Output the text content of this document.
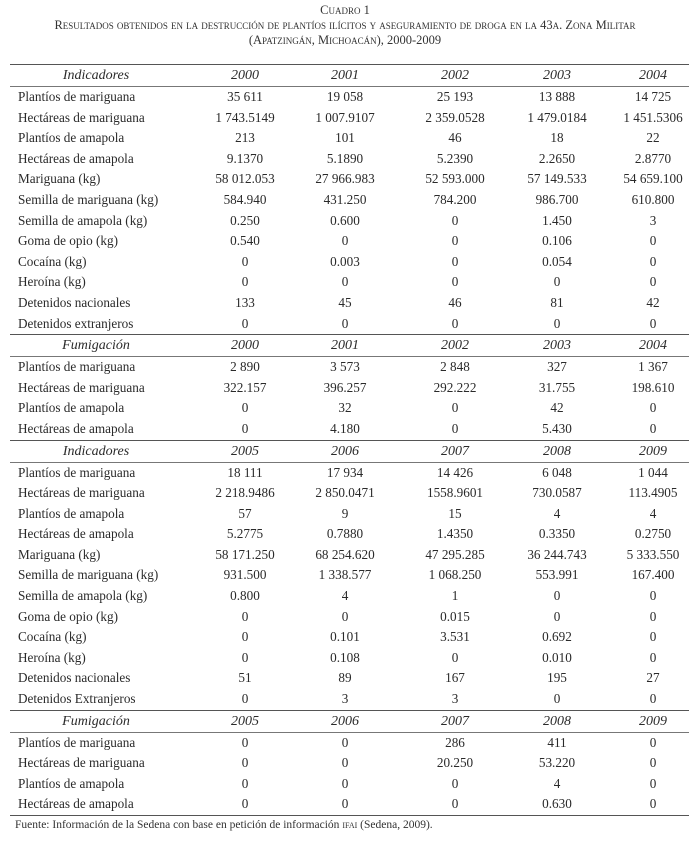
Cuadro 1
Resultados obtenidos en la destrucción de plantíos ilícitos y aseguramiento de droga en la 43a. Zona Militar
(Apatzingán, Michoacán), 2000-2009
Indicadores	2000	2001	2002	2003	2004
Plantíos de mariguana	35 611	19 058	25 193	13 888	14 725
Hectáreas de mariguana	1 743.5149	1 007.9107	2 359.0528	1 479.0184	1 451.5306
Plantíos de amapola	213	101	46	18	22
Hectáreas de amapola	9.1370	5.1890	5.2390	2.2650	2.8770
Mariguana (kg)	58 012.053	27 966.983	52 593.000	57 149.533	54 659.100
Semilla de mariguana (kg)	584.940	431.250	784.200	986.700	610.800
Semilla de amapola (kg)	0.250	0.600	0	1.450	3
Goma de opio (kg)	0.540	0	0	0.106	0
Cocaína (kg)	0	0.003	0	0.054	0
Heroína (kg)	0	0	0	0	0
Detenidos nacionales	133	45	46	81	42
Detenidos extranjeros	0	0	0	0	0
Fumigación	2000	2001	2002	2003	2004
Plantíos de mariguana	2 890	3 573	2 848	327	1 367
Hectáreas de mariguana	322.157	396.257	292.222	31.755	198.610
Plantíos de amapola	0	32	0	42	0
Hectáreas de amapola	0	4.180	0	5.430	0
Indicadores	2005	2006	2007	2008	2009
Plantíos de mariguana	18 111	17 934	14 426	6 048	1 044
Hectáreas de mariguana	2 218.9486	2 850.0471	1558.9601	730.0587	113.4905
Plantíos de amapola	57	9	15	4	4
Hectáreas de amapola	5.2775	0.7880	1.4350	0.3350	0.2750
Mariguana (kg)	58 171.250	68 254.620	47 295.285	36 244.743	5 333.550
Semilla de mariguana (kg)	931.500	1 338.577	1 068.250	553.991	167.400
Semilla de amapola (kg)	0.800	4	1	0	0
Goma de opio (kg)	0	0	0.015	0	0
Cocaína (kg)	0	0.101	3.531	0.692	0
Heroína (kg)	0	0.108	0	0.010	0
Detenidos nacionales	51	89	167	195	27
Detenidos Extranjeros	0	3	3	0	0
Fumigación	2005	2006	2007	2008	2009
Plantíos de mariguana	0	0	286	411	0
Hectáreas de mariguana	0	0	20.250	53.220	0
Plantíos de amapola	0	0	0	4	0
Hectáreas de amapola	0	0	0	0.630	0
Fuente: Información de la Sedena con base en petición de información ifai (Sedena, 2009).
